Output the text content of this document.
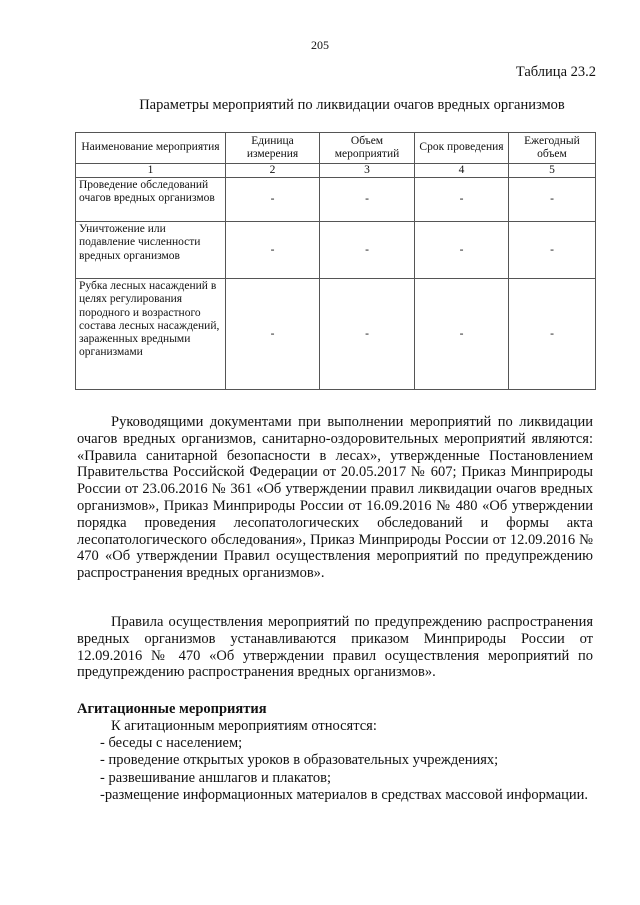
205
Таблица 23.2
Параметры мероприятий по ликвидации очагов вредных организмов
Наименование мероприятия	Единица измерения	Объем мероприятий	Срок проведения	Ежегодный объем
1	2	3	4	5
Проведение обследований очагов вредных организмов	-	-	-	-
Уничтожение или подавление численности вредных организмов	-	-	-	-
Рубка лесных насаждений в целях регулирования породного и возрастного состава лесных насаждений, зараженных вредными организмами	-	-	-	-

Руководящими документами при выполнении мероприятий по ликвидации очагов вредных организмов, санитарно-оздоровительных мероприятий являются: «Правила санитарной безопасности в лесах», утвержденные Постановлением Правительства Российской Федерации от 20.05.2017 № 607; Приказ Минприроды России от 23.06.2016 № 361 «Об утверждении правил ликвидации очагов вредных организмов», Приказ Минприроды России от 16.09.2016 № 480 «Об утверждении порядка проведения лесопатологических обследований и формы акта лесопатологического обследования», Приказ Минприроды России от 12.09.2016 № 470 «Об утверждении Правил осуществления мероприятий по предупреждению распространения вредных организмов».

Правила осуществления мероприятий по предупреждению распространения вредных организмов устанавливаются приказом Минприроды России от 12.09.2016 № 470 «Об утверждении правил осуществления мероприятий по предупреждению распространения вредных организмов».

Агитационные мероприятия

К агитационным мероприятиям относятся:
- беседы с населением;
- проведение открытых уроков в образовательных учреждениях;
- развешивание аншлагов и плакатов;
-размещение информационных материалов в средствах массовой информации.
